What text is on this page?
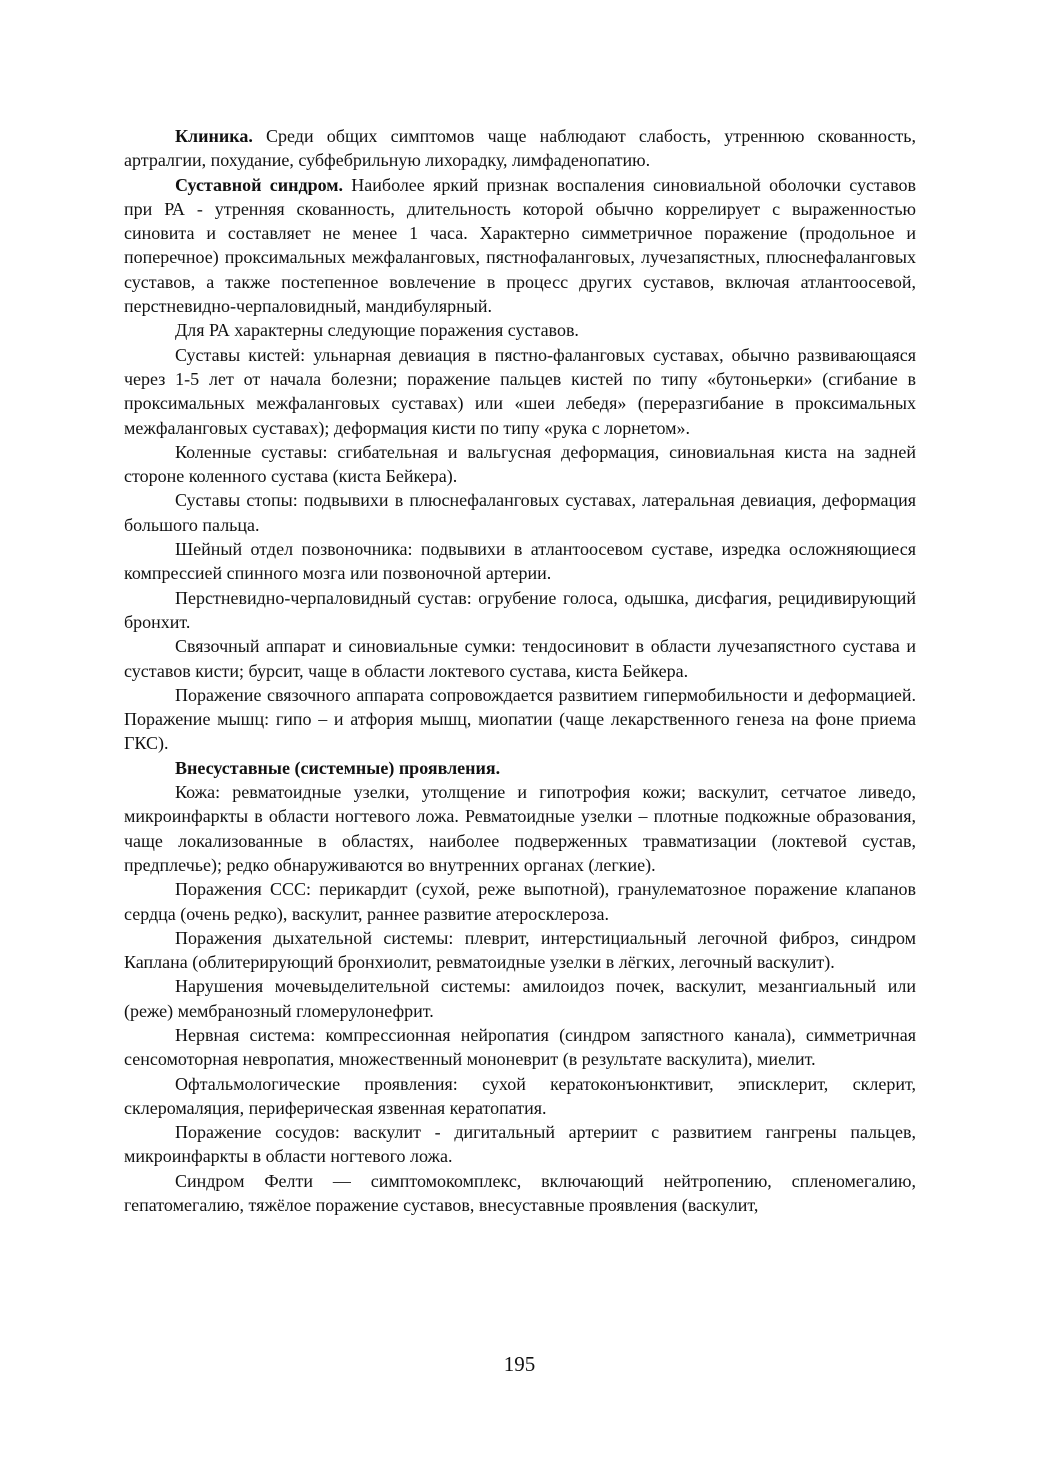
Клиника. Среди общих симптомов чаще наблюдают слабость, утреннюю скованность, артралгии, похудание, субфебрильную лихорадку, лимфаденопатию.

Суставной синдром. Наиболее яркий признак воспаления синовиальной оболочки суставов при РА - утренняя скованность, длительность которой обычно коррелирует с выраженностью синовита и составляет не менее 1 часа. Характерно симметричное поражение (продольное и поперечное) проксимальных межфаланговых, пястнофаланговых, лучезапястных, плюснефаланговых суставов, а также постепенное вовлечение в процесс других суставов, включая атлантоосевой, перстневидно-черпаловидный, мандибулярный.

Для РА характерны следующие поражения суставов.

Суставы кистей: ульнарная девиация в пястно-фаланговых суставах, обычно развивающаяся через 1-5 лет от начала болезни; поражение пальцев кистей по типу «бутоньерки» (сгибание в проксимальных межфаланговых суставах) или «шеи лебедя» (переразгибание в проксимальных межфаланговых суставах); деформация кисти по типу «рука с лорнетом».

Коленные суставы: сгибательная и вальгусная деформация, синовиальная киста на задней стороне коленного сустава (киста Бейкера).

Суставы стопы: подвывихи в плюснефаланговых суставах, латеральная девиация, деформация большого пальца.

Шейный отдел позвоночника: подвывихи в атлантоосевом суставе, изредка осложняющиеся компрессией спинного мозга или позвоночной артерии.

Перстневидно-черпаловидный сустав: огрубение голоса, одышка, дисфагия, рецидивирующий бронхит.

Связочный аппарат и синовиальные сумки: тендосиновит в области лучезапястного сустава и суставов кисти; бурсит, чаще в области локтевого сустава, киста Бейкера.

Поражение связочного аппарата сопровождается развитием гипермобильности и деформацией. Поражение мышц: гипо – и атфория мышц, миопатии (чаще лекарственного генеза на фоне приема ГКС).

Внесуставные (системные) проявления.

Кожа: ревматоидные узелки, утолщение и гипотрофия кожи; васкулит, сетчатое ливедо, микроинфаркты в области ногтевого ложа. Ревматоидные узелки – плотные подкожные образования, чаще локализованные в областях, наиболее подверженных травматизации (локтевой сустав, предплечье); редко обнаруживаются во внутренних органах (легкие).

Поражения ССС: перикардит (сухой, реже выпотной), гранулематозное поражение клапанов сердца (очень редко), васкулит, раннее развитие атеросклероза.

Поражения дыхательной системы: плеврит, интерстициальный легочной фиброз, синдром Каплана (облитерирующий бронхиолит, ревматоидные узелки в лёгких, легочный васкулит).

Нарушения мочевыделительной системы: амилоидоз почек, васкулит, мезангиальный или (реже) мембранозный гломерулонефрит.

Нервная система: компрессионная нейропатия (синдром запястного канала), симметричная сенсомоторная невропатия, множественный мононеврит (в результате васкулита), миелит.

Офтальмологические проявления: сухой кератоконъюнктивит, эписклерит, склерит, склеромаляция, периферическая язвенная кератопатия.

Поражение сосудов: васкулит - дигитальный артериит с развитием гангрены пальцев, микроинфаркты в области ногтевого ложа.

Синдром Фелти — симптомокомплекс, включающий нейтропению, спленомегалию, гепатомегалию, тяжёлое поражение суставов, внесуставные проявления (васкулит,

195
